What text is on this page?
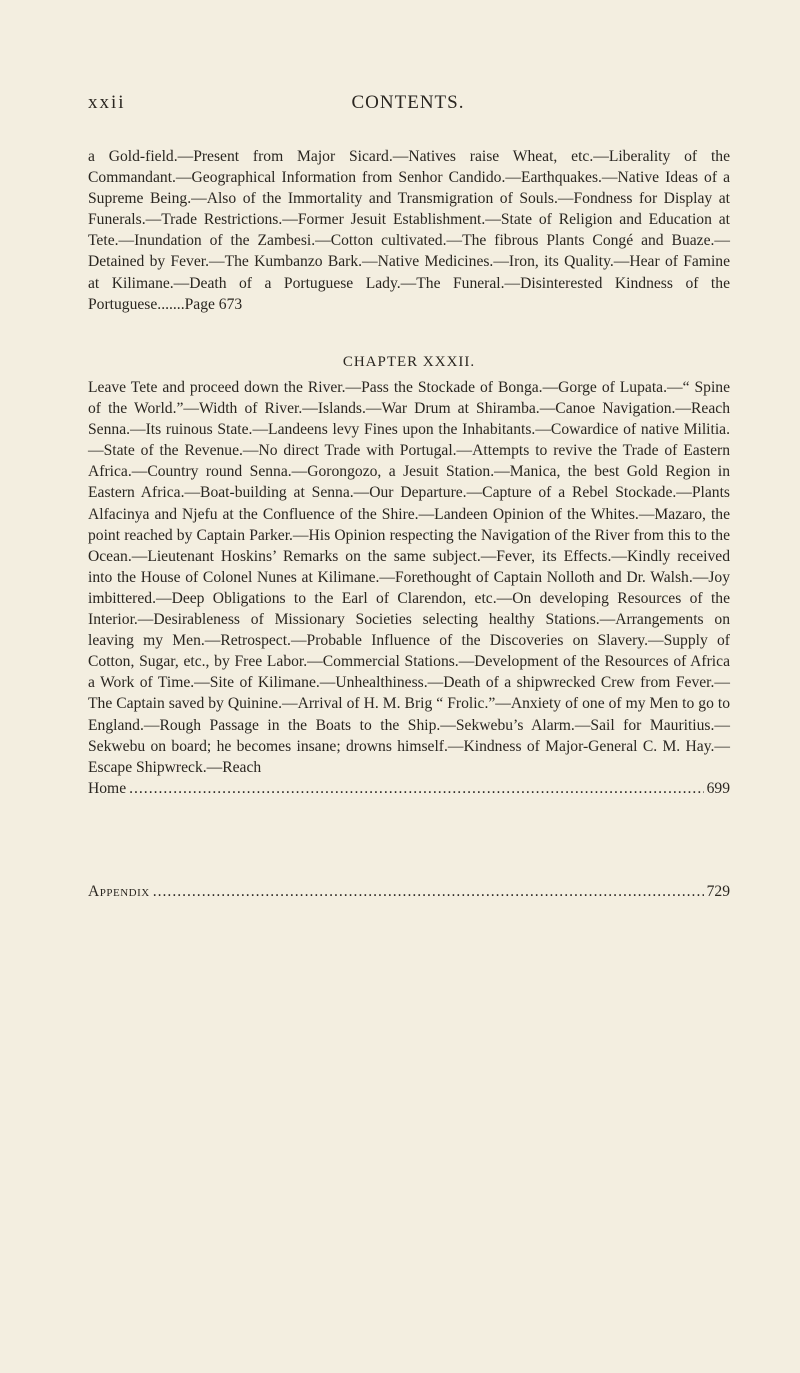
xxii	CONTENTS.
a Gold-field.—Present from Major Sicard.—Natives raise Wheat, etc.—Liberality of the Commandant.—Geographical Information from Senhor Candido.—Earthquakes.—Native Ideas of a Supreme Being.—Also of the Immortality and Transmigration of Souls.—Fondness for Display at Funerals.—Trade Restrictions.—Former Jesuit Establishment.—State of Religion and Education at Tete.—Inundation of the Zambesi.—Cotton cultivated.—The fibrous Plants Congé and Buaze.—Detained by Fever.—The Kumbanzo Bark.—Native Medicines.—Iron, its Quality.—Hear of Famine at Kilimane.—Death of a Portuguese Lady.—The Funeral.—Disinterested Kindness of the Portuguese.......Page 673
CHAPTER XXXII.

Leave Tete and proceed down the River.—Pass the Stockade of Bonga.—Gorge of Lupata.—“ Spine of the World.”—Width of River.—Islands.—War Drum at Shiramba.—Canoe Navigation.—Reach Senna.—Its ruinous State.—Landeens levy Fines upon the Inhabitants.—Cowardice of native Militia.—State of the Revenue.—No direct Trade with Portugal.—Attempts to revive the Trade of Eastern Africa.—Country round Senna.—Gorongozo, a Jesuit Station.—Manica, the best Gold Region in Eastern Africa.—Boat-building at Senna.—Our Departure.—Capture of a Rebel Stockade.—Plants Alfacinya and Njefu at the Confluence of the Shire.—Landeen Opinion of the Whites.—Mazaro, the point reached by Captain Parker.—His Opinion respecting the Navigation of the River from this to the Ocean.—Lieutenant Hoskins’ Remarks on the same subject.—Fever, its Effects.—Kindly received into the House of Colonel Nunes at Kilimane.—Forethought of Captain Nolloth and Dr. Walsh.—Joy imbittered.—Deep Obligations to the Earl of Clarendon, etc.—On developing Resources of the Interior.—Desirableness of Missionary Societies selecting healthy Stations.—Arrangements on leaving my Men.—Retrospect.—Probable Influence of the Discoveries on Slavery.—Supply of Cotton, Sugar, etc., by Free Labor.—Commercial Stations.—Development of the Resources of Africa a Work of Time.—Site of Kilimane.—Unhealthiness.—Death of a shipwrecked Crew from Fever.—The Captain saved by Quinine.—Arrival of H. M. Brig “ Frolic.”—Anxiety of one of my Men to go to England.—Rough Passage in the Boats to the Ship.—Sekwebu’s Alarm.—Sail for Mauritius.—Sekwebu on board; he becomes insane; drowns himself.—Kindness of Major-General C. M. Hay.—Escape Shipwreck.—Reach

Home .....	699
Appendix .....	729
